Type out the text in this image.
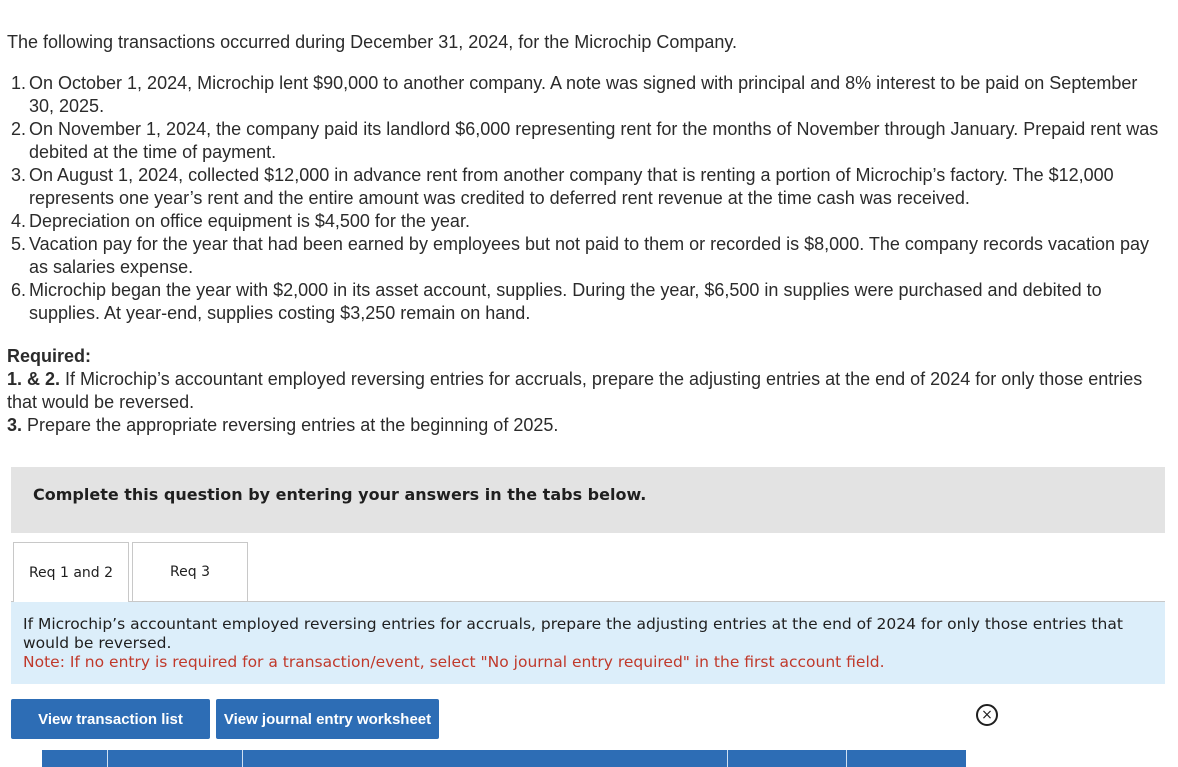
The following transactions occurred during December 31, 2024, for the Microchip Company.

1. On October 1, 2024, Microchip lent $90,000 to another company. A note was signed with principal and 8% interest to be paid on September 30, 2025.
2. On November 1, 2024, the company paid its landlord $6,000 representing rent for the months of November through January. Prepaid rent was debited at the time of payment.
3. On August 1, 2024, collected $12,000 in advance rent from another company that is renting a portion of Microchip’s factory. The $12,000 represents one year’s rent and the entire amount was credited to deferred rent revenue at the time cash was received.
4. Depreciation on office equipment is $4,500 for the year.
5. Vacation pay for the year that had been earned by employees but not paid to them or recorded is $8,000. The company records vacation pay as salaries expense.
6. Microchip began the year with $2,000 in its asset account, supplies. During the year, $6,500 in supplies were purchased and debited to supplies. At year-end, supplies costing $3,250 remain on hand.

Required:

1. & 2. If Microchip’s accountant employed reversing entries for accruals, prepare the adjusting entries at the end of 2024 for only those entries that would be reversed.

3. Prepare the appropriate reversing entries at the beginning of 2025.

Complete this question by entering your answers in the tabs below.
Req 1 and 2	Req 3

If Microchip’s accountant employed reversing entries for accruals, prepare the adjusting entries at the end of 2024 for only those entries that would be reversed.

Note: If no entry is required for a transaction/event, select "No journal entry required" in the first account field.

View transaction list	View journal entry worksheet	×
